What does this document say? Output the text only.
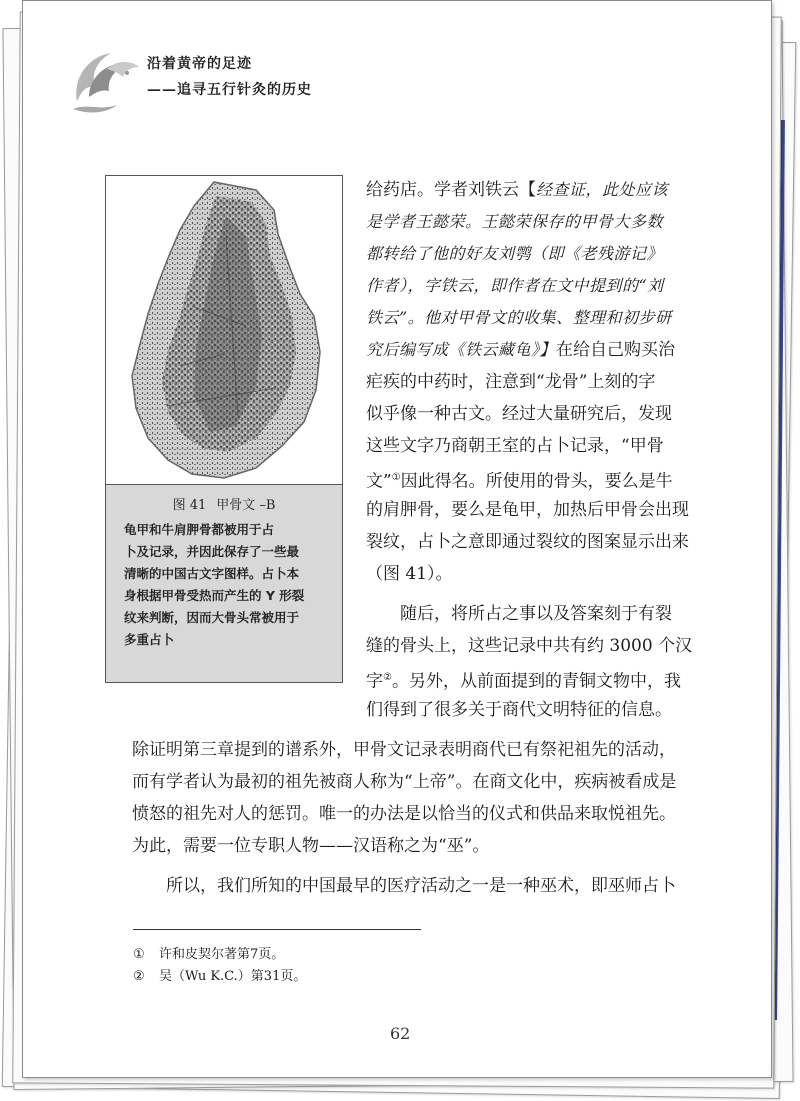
沿着黄帝的足迹
——追寻五行针灸的历史
图 41 甲骨文 –B

龟甲和牛肩胛骨都被用于占

卜及记录，并因此保存了一些最

清晰的中国古文字图样。占卜本

身根据甲骨受热而产生的 Y 形裂

纹来判断，因而大骨头常被用于

多重占卜

给药店。学者刘铁云【经查证，此处应该
是学者王懿荣。王懿荣保存的甲骨大多数
都转给了他的好友刘鹗（即《老残游记》
作者），字铁云，即作者在文中提到的“刘
铁云”。他对甲骨文的收集、整理和初步研
究后编写成《铁云藏龟》】在给自己购买治
疟疾的中药时，注意到“龙骨”上刻的字
似乎像一种古文。经过大量研究后，发现
这些文字乃商朝王室的占卜记录，“甲骨
文”①因此得名。所使用的骨头，要么是牛
的肩胛骨，要么是龟甲，加热后甲骨会出现
裂纹，占卜之意即通过裂纹的图案显示出来
（图 41）。
随后，将所占之事以及答案刻于有裂
缝的骨头上，这些记录中共有约 3000 个汉
字②。另外，从前面提到的青铜文物中，我
们得到了很多关于商代文明特征的信息。
除证明第三章提到的谱系外，甲骨文记录表明商代已有祭祀祖先的活动，
而有学者认为最初的祖先被商人称为“上帝”。在商文化中，疾病被看成是
愤怒的祖先对人的惩罚。唯一的办法是以恰当的仪式和供品来取悦祖先。
为此，需要一位专职人物——汉语称之为“巫”。
所以，我们所知的中国最早的医疗活动之一是一种巫术，即巫师占卜
① 许和皮契尔著第7页。
② 吴（Wu K.C.）第31页。
62
